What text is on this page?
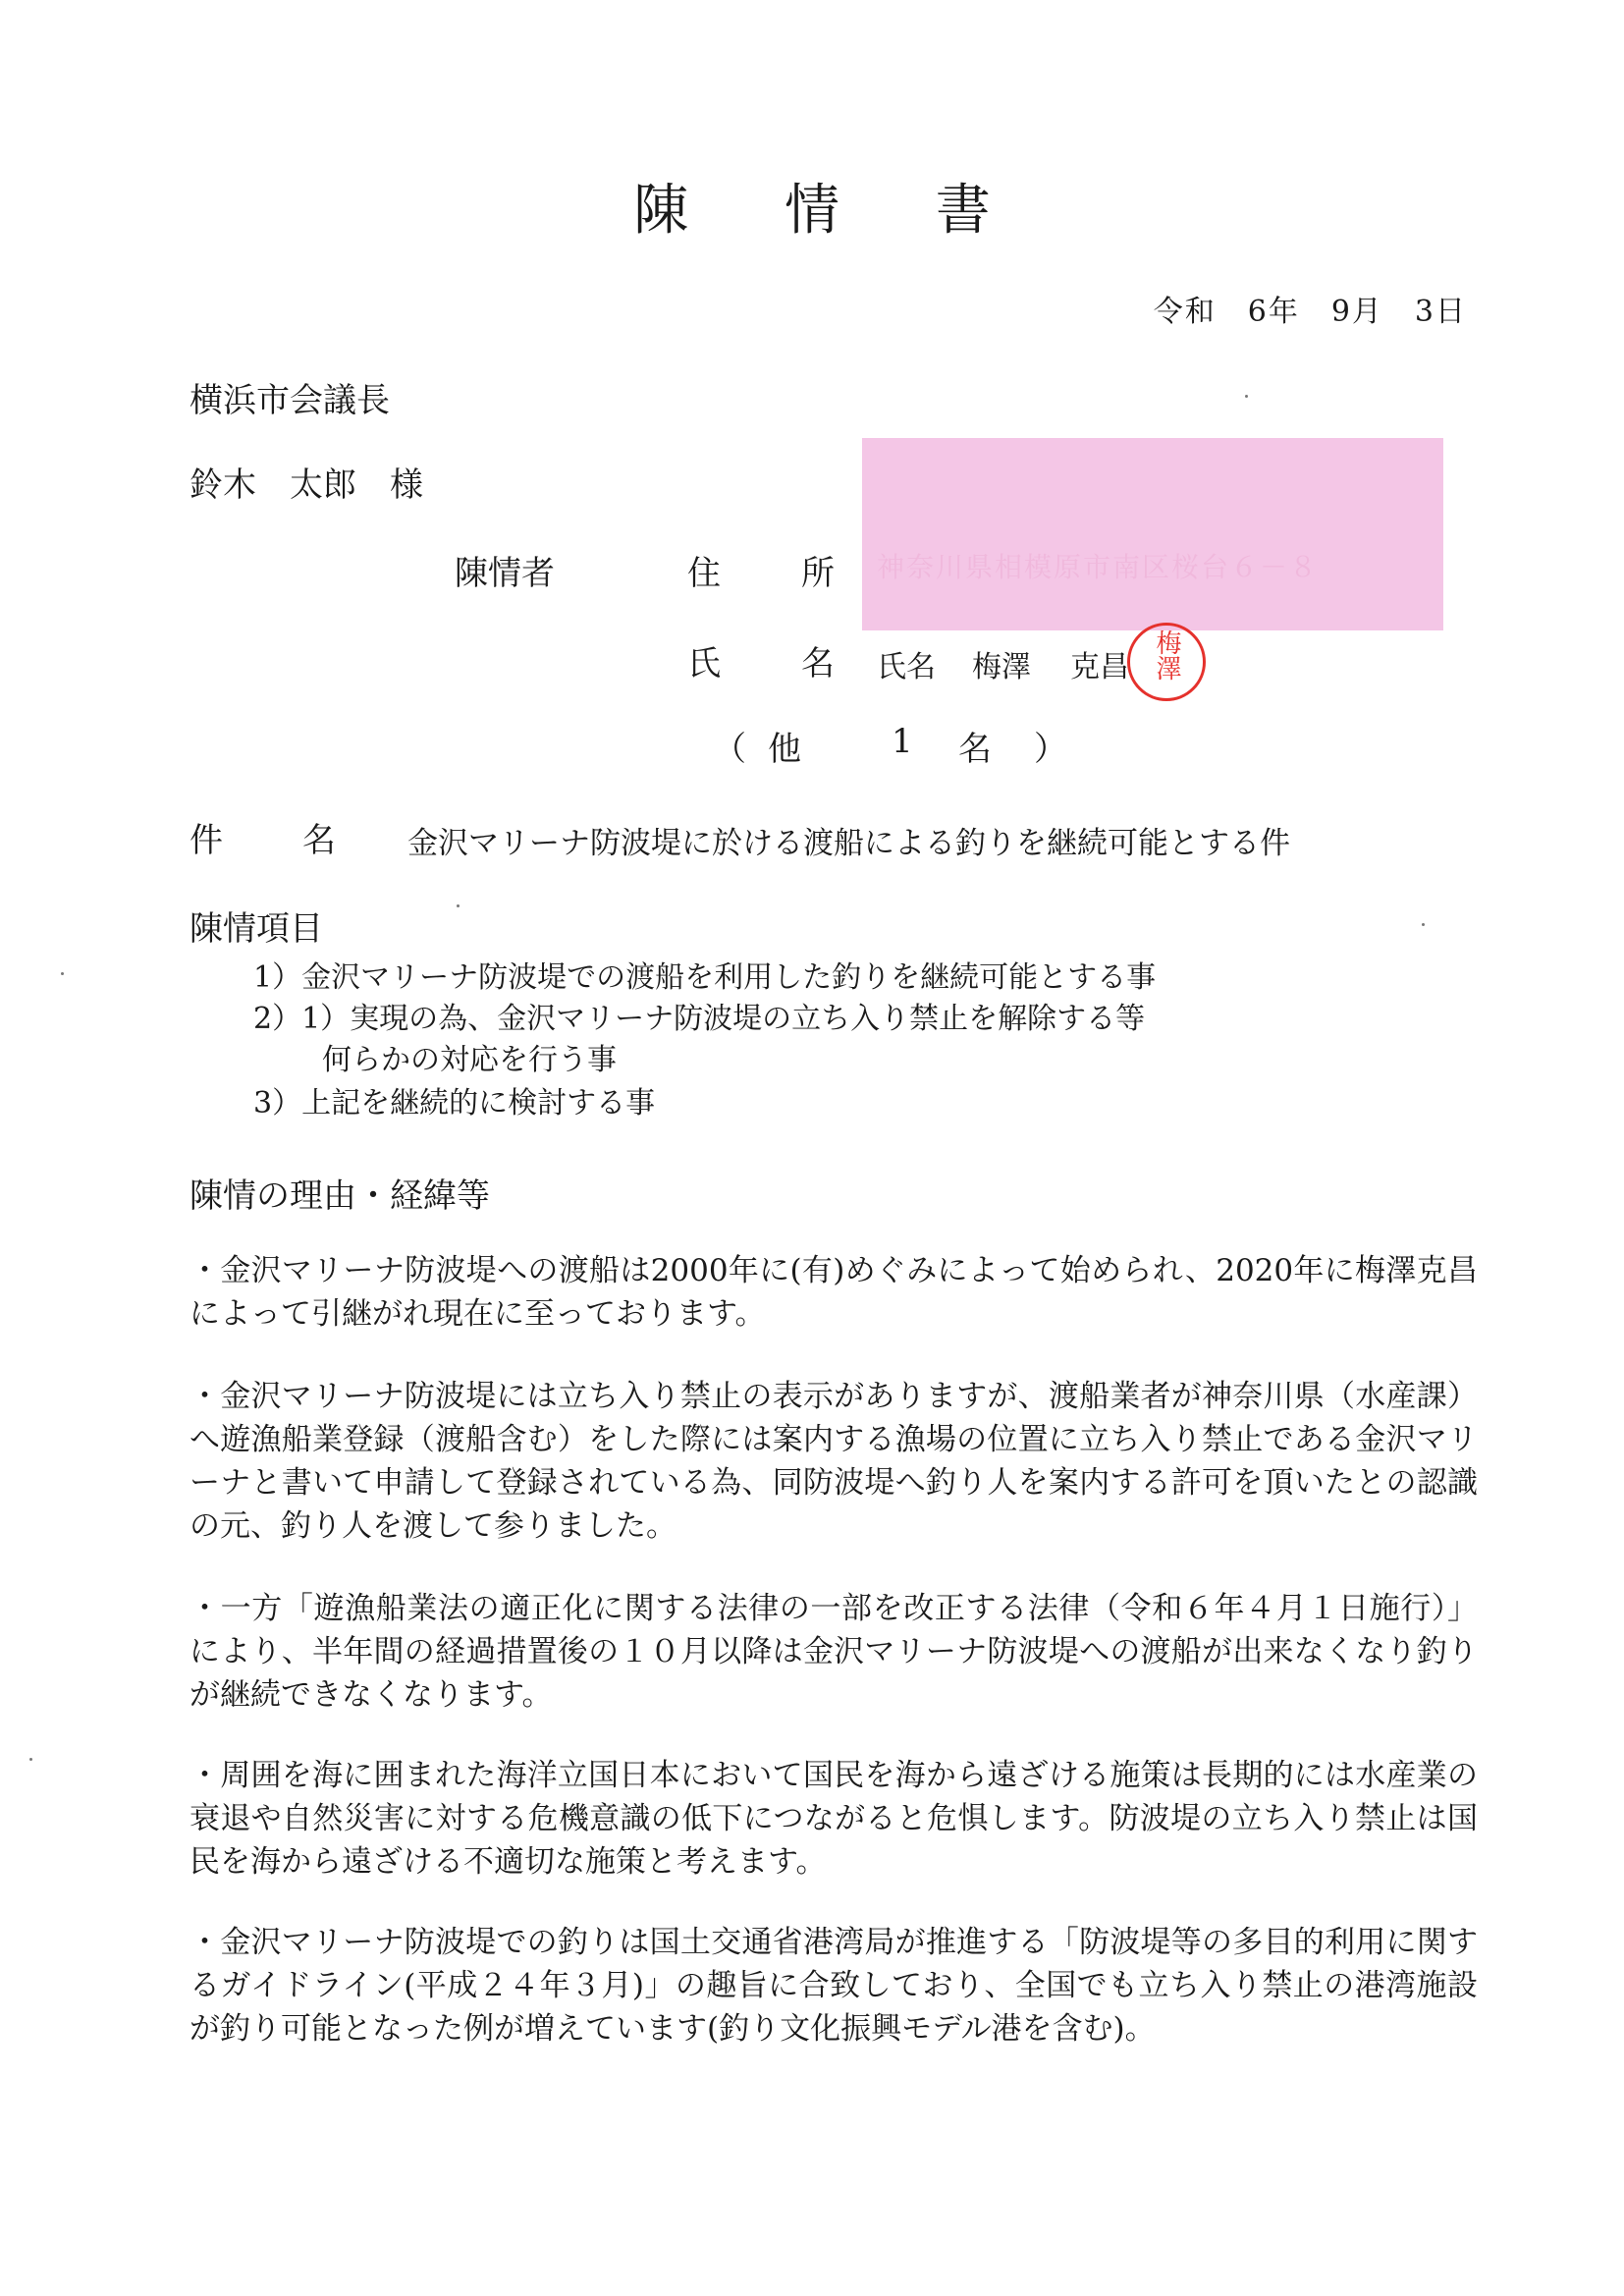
陳 情 書
令和　6年　9月　3日
横浜市会議長
鈴木　太郎　様
神奈川県相模原市南区桜台６－８
陳情者	住 所
氏 名 氏名 梅澤 克昌 梅澤
（ 他	1 名 ）
件 名 金沢マリーナ防波堤に於ける渡船による釣りを継続可能とする件
陳情項目
1）金沢マリーナ防波堤での渡船を利用した釣りを継続可能とする事
2）1）実現の為、金沢マリーナ防波堤の立ち入り禁止を解除する等
何らかの対応を行う事
3）上記を継続的に検討する事
陳情の理由・経緯等
・金沢マリーナ防波堤への渡船は2000年に(有)めぐみによって始められ、2020年に梅澤克昌によって引継がれ現在に至っております。
・金沢マリーナ防波堤には立ち入り禁止の表示がありますが、渡船業者が神奈川県（水産課）へ遊漁船業登録（渡船含む）をした際には案内する漁場の位置に立ち入り禁止である金沢マリーナと書いて申請して登録されている為、同防波堤へ釣り人を案内する許可を頂いたとの認識の元、釣り人を渡して参りました。
・一方「遊漁船業法の適正化に関する法律の一部を改正する法律（令和６年４月１日施行）」により、半年間の経過措置後の１０月以降は金沢マリーナ防波堤への渡船が出来なくなり釣りが継続できなくなります。
・周囲を海に囲まれた海洋立国日本において国民を海から遠ざける施策は長期的には水産業の衰退や自然災害に対する危機意識の低下につながると危惧します。防波堤の立ち入り禁止は国民を海から遠ざける不適切な施策と考えます。
・金沢マリーナ防波堤での釣りは国土交通省港湾局が推進する「防波堤等の多目的利用に関するガイドライン(平成２４年３月)」の趣旨に合致しており、全国でも立ち入り禁止の港湾施設が釣り可能となった例が増えています(釣り文化振興モデル港を含む)。
